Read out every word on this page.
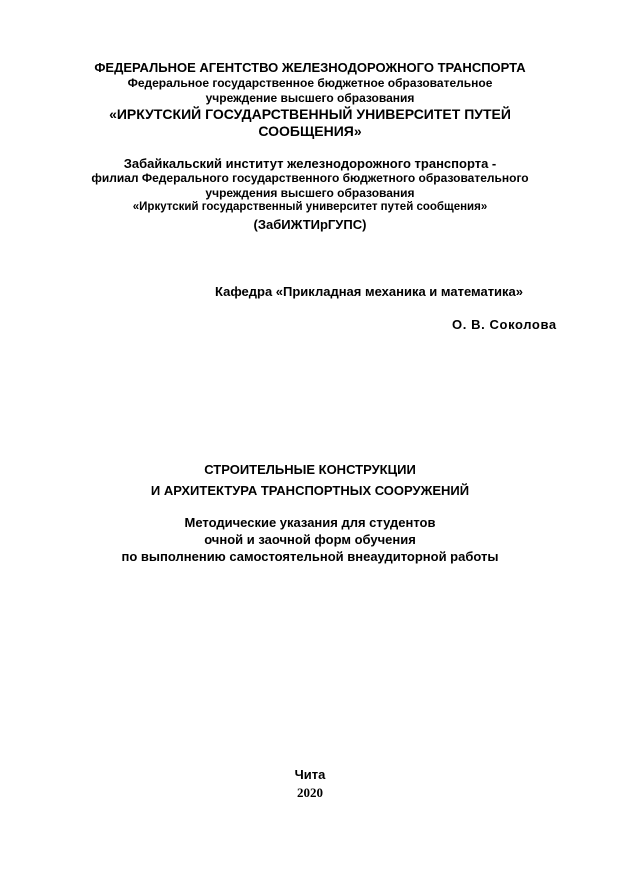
ФЕДЕРАЛЬНОЕ АГЕНТСТВО ЖЕЛЕЗНОДОРОЖНОГО ТРАНСПОРТА
Федеральное государственное бюджетное образовательное
учреждение высшего образования
«ИРКУТСКИЙ ГОСУДАРСТВЕННЫЙ УНИВЕРСИТЕТ ПУТЕЙ
СООБЩЕНИЯ»
Забайкальский институт железнодорожного транспорта -
филиал Федерального государственного бюджетного образовательного
учреждения высшего образования
«Иркутский государственный университет путей сообщения»
(ЗабИЖТИрГУПС)
Кафедра «Прикладная механика и математика»
О. В. Соколова
СТРОИТЕЛЬНЫЕ КОНСТРУКЦИИ
И АРХИТЕКТУРА ТРАНСПОРТНЫХ СООРУЖЕНИЙ
Методические указания для студентов
очной и заочной форм обучения
по выполнению самостоятельной внеаудиторной работы
Чита
2020
